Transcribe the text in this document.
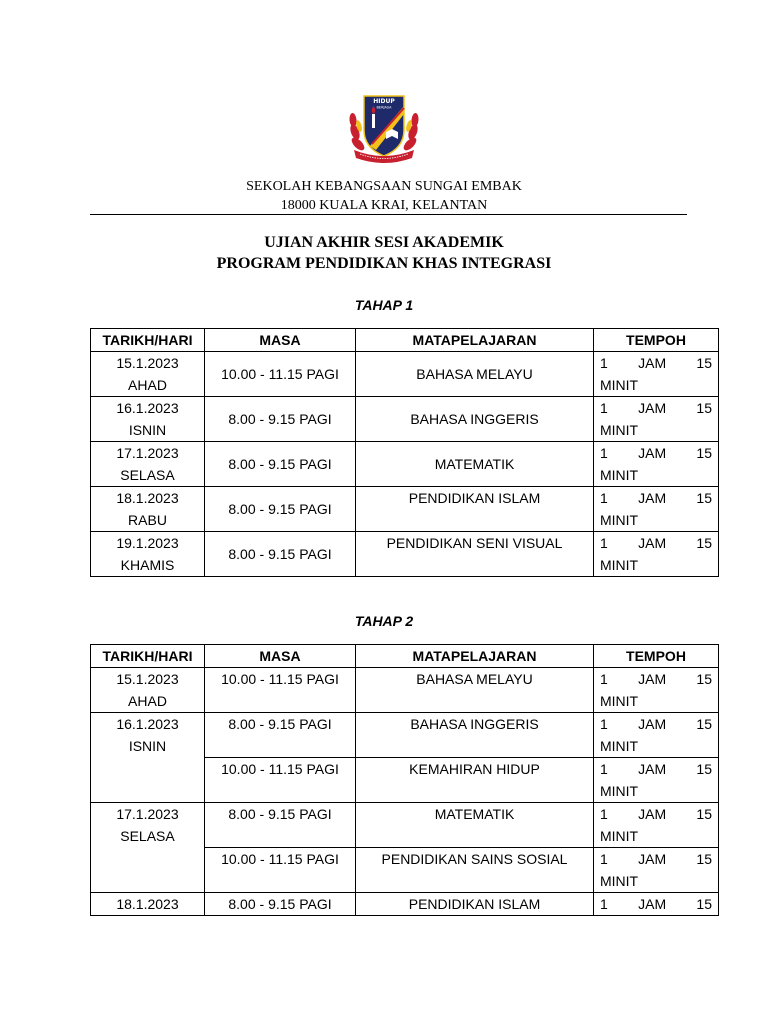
HIDUP
BERJASA
SEKOLAH KEBANGSAAN SUNGAI EMBAK
18000 KUALA KRAI, KELANTAN
UJIAN AKHIR SESI AKADEMIK
PROGRAM PENDIDIKAN KHAS INTEGRASI
TAHAP 1
TARIKH/HARI	MASA	MATAPELAJARAN	TEMPOH

15.1.2023
AHAD	10.00 - 11.15 PAGI	BAHASA MELAYU	1 JAM 15
MINIT

16.1.2023
ISNIN	8.00 - 9.15 PAGI	BAHASA INGGERIS	1 JAM 15
MINIT

17.1.2023
SELASA	8.00 - 9.15 PAGI	MATEMATIK	1 JAM 15
MINIT

18.1.2023
RABU	8.00 - 9.15 PAGI	PENDIDIKAN ISLAM	1 JAM 15
MINIT

19.1.2023
KHAMIS	8.00 - 9.15 PAGI	PENDIDIKAN SENI VISUAL	1 JAM 15
MINIT
TAHAP 2
TARIKH/HARI	MASA	MATAPELAJARAN	TEMPOH

15.1.2023
AHAD	10.00 - 11.15 PAGI	BAHASA MELAYU	1 JAM 15
MINIT

16.1.2023
ISNIN	8.00 - 9.15 PAGI	BAHASA INGGERIS	1 JAM 15
MINIT

	10.00 - 11.15 PAGI	KEMAHIRAN HIDUP	1 JAM 15
MINIT

17.1.2023
SELASA	8.00 - 9.15 PAGI	MATEMATIK	1 JAM 15
MINIT

	10.00 - 11.15 PAGI	PENDIDIKAN SAINS SOSIAL	1 JAM 15
MINIT

18.1.2023	8.00 - 9.15 PAGI	PENDIDIKAN ISLAM	1 JAM 15
